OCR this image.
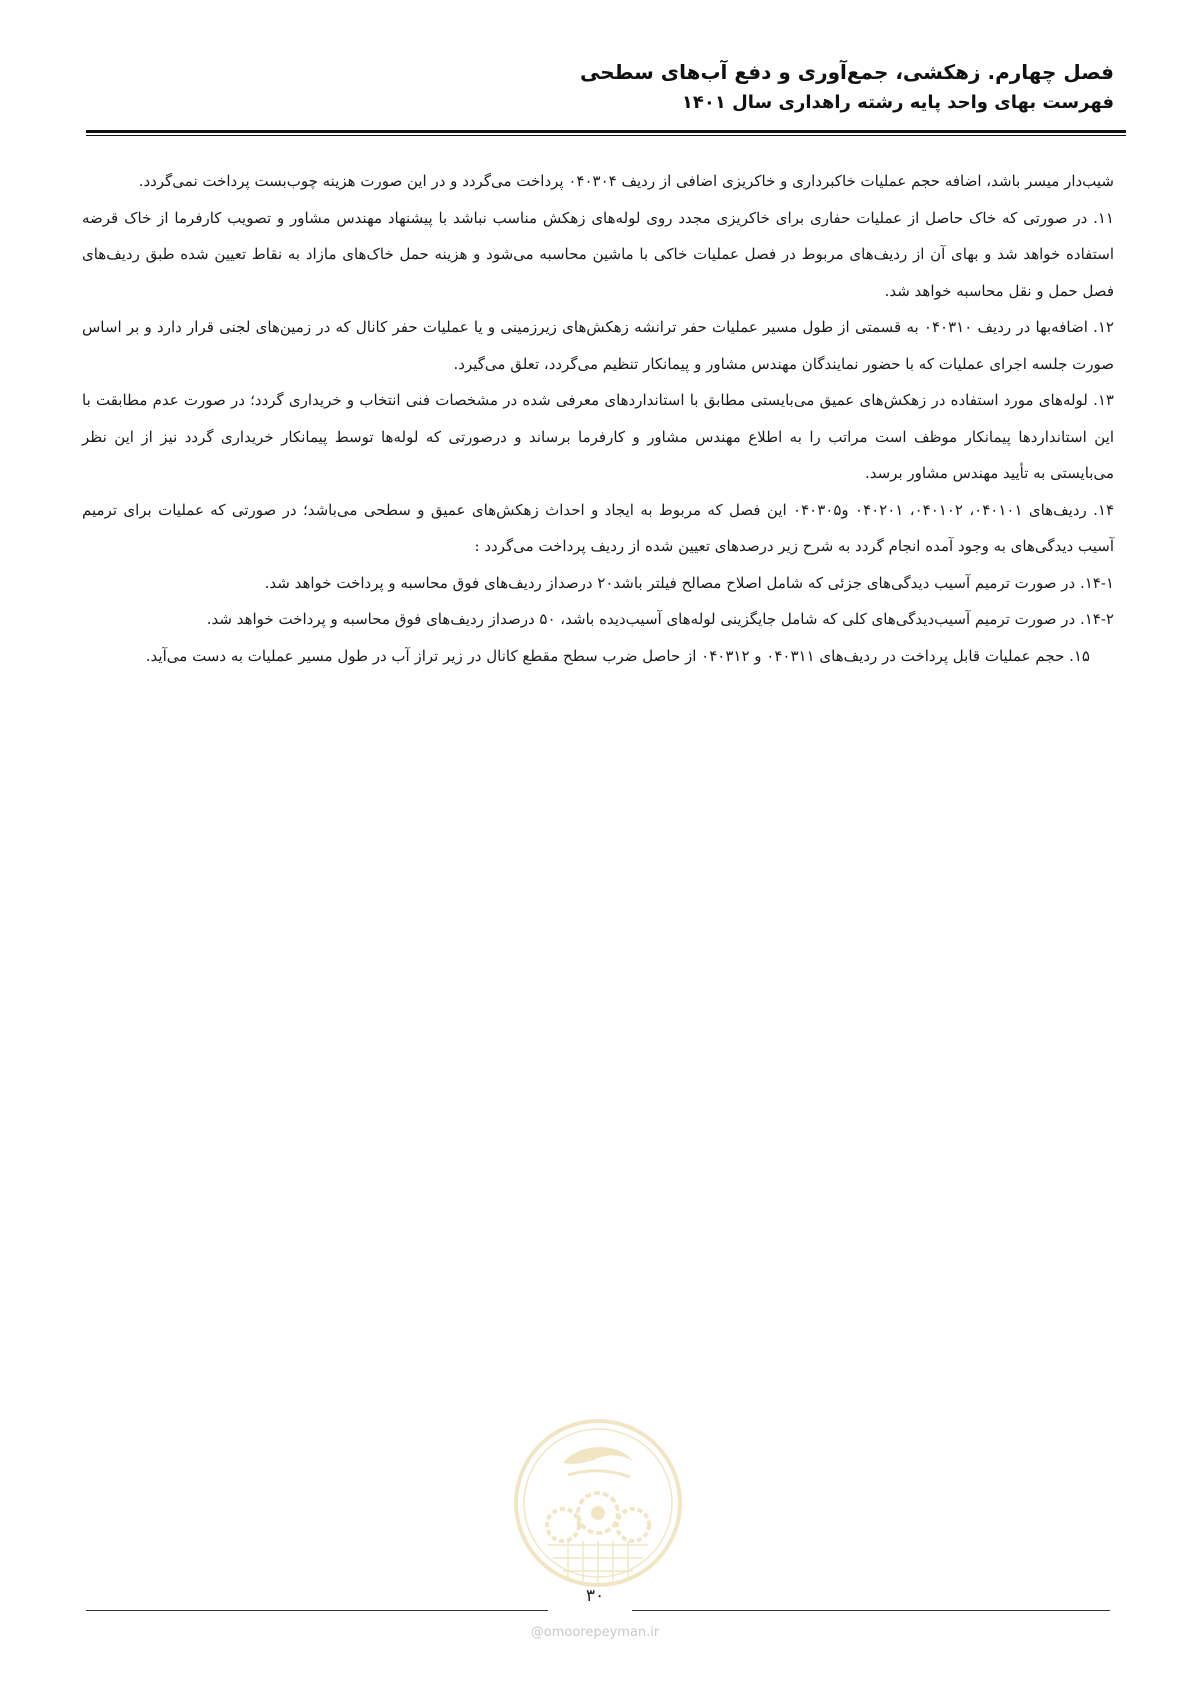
فصل چهارم. زهکشی، جمع‌آوری و دفع آب‌های سطحی
فهرست بهای واحد پایه رشته راهداری سال ۱۴۰۱

شیب‌دار میسر باشد، اضافه حجم عملیات خاکبرداری و خاکریزی اضافی از ردیف ۰۴۰۳۰۴ پرداخت می‌گردد و در این صورت هزینه چوب‌بست پرداخت نمی‌گردد.

۱۱. در صورتی که خاک حاصل از عملیات حفاری برای خاکریزی مجدد روی لوله‌های زهکش مناسب نباشد با پیشنهاد مهندس مشاور و تصویب کارفرما از خاک قرضه استفاده خواهد شد و بهای آن از ردیف‌های مربوط در فصل عملیات خاکی با ماشین محاسبه می‌شود و هزینه حمل خاک‌های مازاد به نقاط تعیین شده طبق ردیف‌های فصل حمل و نقل محاسبه خواهد شد.

۱۲. اضافه‌بها در ردیف ۰۴۰۳۱۰ به قسمتی از طول مسیر عملیات حفر ترانشه زهکش‌های زیرزمینی و یا عملیات حفر کانال که در زمین‌های لجنی قرار دارد و بر اساس صورت جلسه اجرای عملیات که با حضور نمایندگان مهندس مشاور و پیمانکار تنظیم می‌گردد، تعلق می‌گیرد.

۱۳. لوله‌های مورد استفاده در زهکش‌های عمیق می‌بایستی مطابق با استانداردهای معرفی شده در مشخصات فنی انتخاب و خریداری گردد؛ در صورت عدم مطابقت با این استانداردها پیمانکار موظف است مراتب را به اطلاع مهندس مشاور و کارفرما برساند و درصورتی که لوله‌ها توسط پیمانکار خریداری گردد نیز از این نظر می‌بایستی به تأیید مهندس مشاور برسد.

۱۴. ردیف‌های ۰۴۰۱۰۱، ۰۴۰۱۰۲، ۰۴۰۲۰۱ و۰۴۰۳۰۵ این فصل که مربوط به ایجاد و احداث زهکش‌های عمیق و سطحی می‌باشد؛ در صورتی که عملیات برای ترمیم آسیب دیدگی‌های به وجود آمده انجام گردد به شرح زیر درصدهای تعیین شده از ردیف پرداخت می‌گردد :

۱۴-۱. در صورت ترمیم آسیب دیدگی‌های جزئی که شامل اصلاح مصالح فیلتر باشد۲۰ درصداز ردیف‌های فوق محاسبه و پرداخت خواهد شد.

۱۴-۲. در صورت ترمیم آسیب‌دیدگی‌های کلی که شامل جایگزینی لوله‌های آسیب‌دیده باشد، ۵۰ درصداز ردیف‌های فوق محاسبه و پرداخت خواهد شد.

۱۵. حجم عملیات قابل پرداخت در ردیف‌های ۰۴۰۳۱۱ و ۰۴۰۳۱۲ از حاصل ضرب سطح مقطع کانال در زیر تراز آب در طول مسیر عملیات به دست می‌آید.

۳۰
@omoorepeyman.ir
